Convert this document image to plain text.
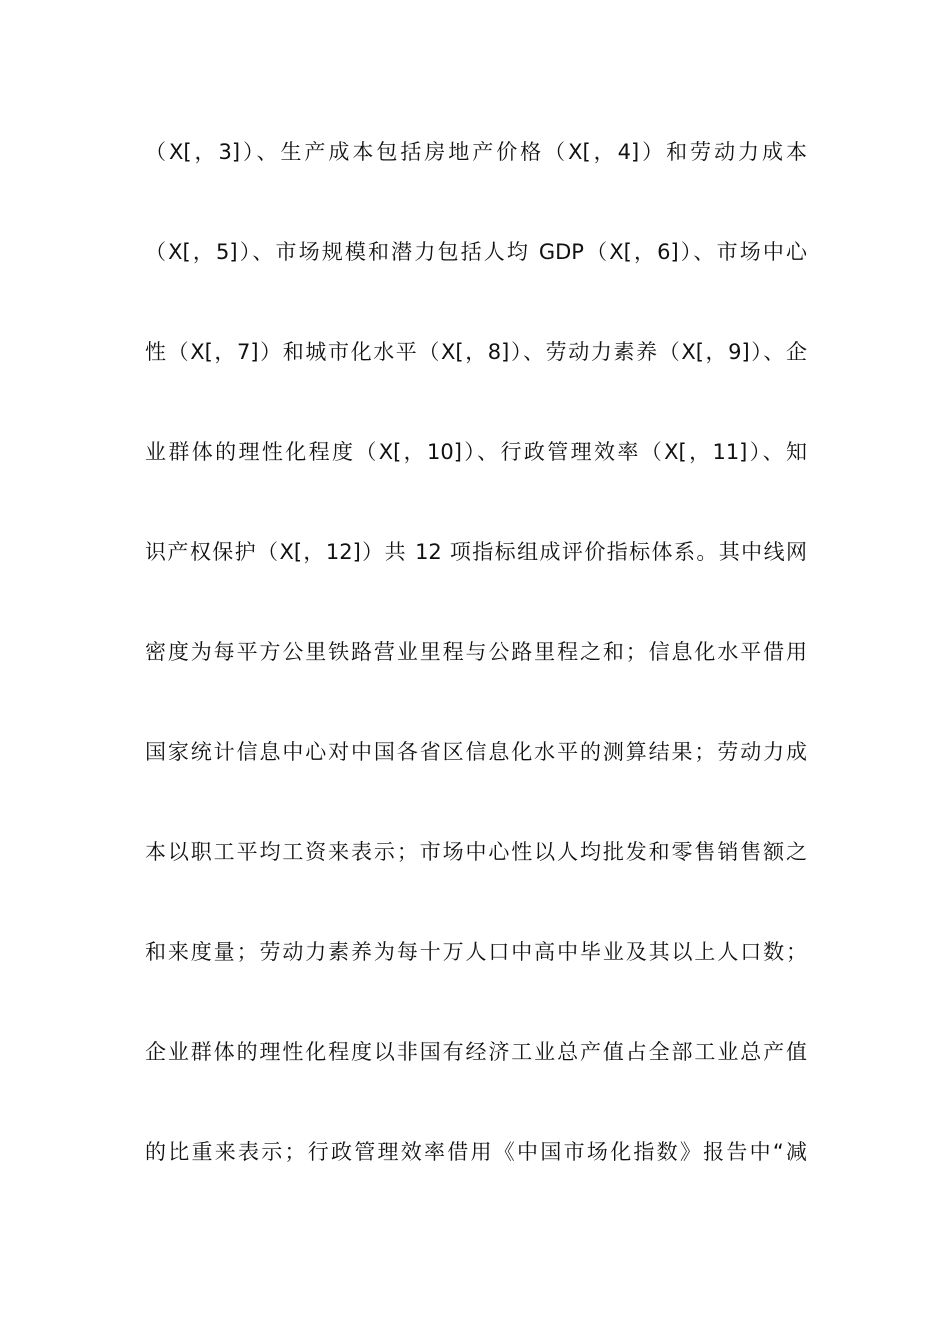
（X[，3]）、生产成本包括房地产价格（X[，4]）和劳动力成本
（X[，5]）、市场规模和潜力包括人均 GDP（X[，6]）、市场中心
性（X[，7]）和城市化水平（X[，8]）、劳动力素养（X[，9]）、企
业群体的理性化程度（X[，10]）、行政管理效率（X[，11]）、知
识产权保护（X[，12]）共 12 项指标组成评价指标体系。其中线网
密度为每平方公里铁路营业里程与公路里程之和；信息化水平借用
国家统计信息中心对中国各省区信息化水平的测算结果；劳动力成
本以职工平均工资来表示；市场中心性以人均批发和零售销售额之
和来度量；劳动力素养为每十万人口中高中毕业及其以上人口数；
企业群体的理性化程度以非国有经济工业总产值占全部工业总产值
的比重来表示；行政管理效率借用《中国市场化指数》报告中“减
